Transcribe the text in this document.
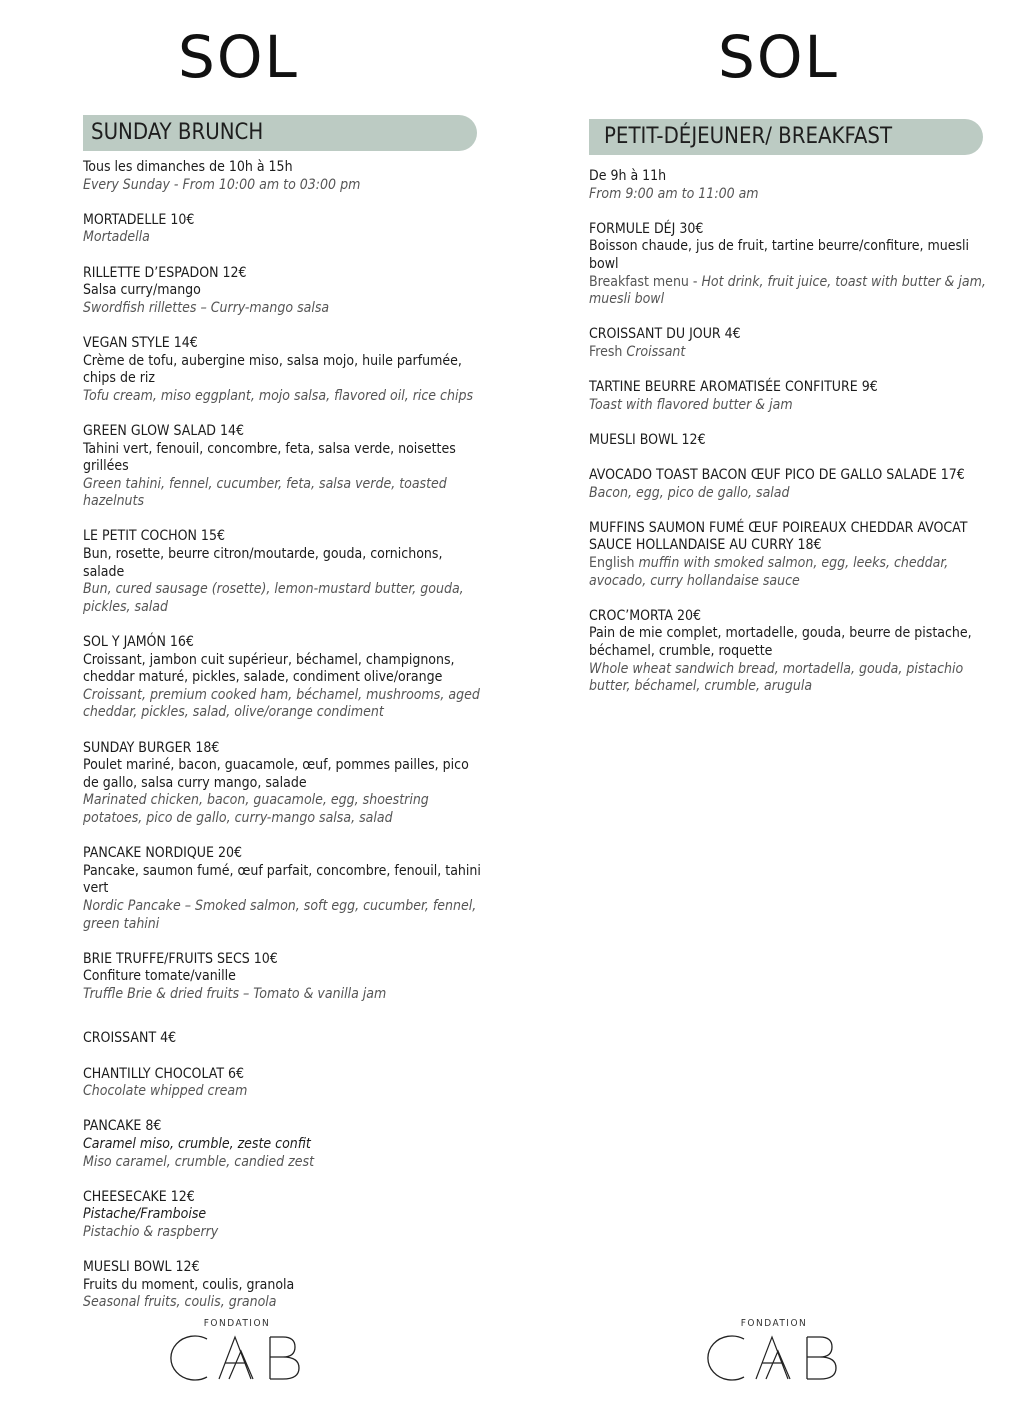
SOL
SUNDAY BRUNCH
Tous les dimanches de 10h à 15h
Every Sunday - From 10:00 am to 03:00 pm
MORTADELLE 10€
Mortadella
RILLETTE D’ESPADON 12€
Salsa curry/mango
Swordfish rillettes – Curry-mango salsa
VEGAN STYLE 14€
Crème de tofu, aubergine miso, salsa mojo, huile parfumée,
chips de riz
Tofu cream, miso eggplant, mojo salsa, flavored oil, rice chips
GREEN GLOW SALAD 14€
Tahini vert, fenouil, concombre, feta, salsa verde, noisettes
grillées
Green tahini, fennel, cucumber, feta, salsa verde, toasted
hazelnuts
LE PETIT COCHON 15€
Bun, rosette, beurre citron/moutarde, gouda, cornichons,
salade
Bun, cured sausage (rosette), lemon-mustard butter, gouda,
pickles, salad
SOL Y JAMÓN 16€
Croissant, jambon cuit supérieur, béchamel, champignons,
cheddar maturé, pickles, salade, condiment olive/orange
Croissant, premium cooked ham, béchamel, mushrooms, aged
cheddar, pickles, salad, olive/orange condiment
SUNDAY BURGER 18€
Poulet mariné, bacon, guacamole, œuf, pommes pailles, pico
de gallo, salsa curry mango, salade
Marinated chicken, bacon, guacamole, egg, shoestring
potatoes, pico de gallo, curry-mango salsa, salad
PANCAKE NORDIQUE 20€
Pancake, saumon fumé, œuf parfait, concombre, fenouil, tahini
vert
Nordic Pancake – Smoked salmon, soft egg, cucumber, fennel,
green tahini
BRIE TRUFFE/FRUITS SECS 10€
Confiture tomate/vanille
Truffle Brie & dried fruits – Tomato & vanilla jam
CROISSANT 4€
CHANTILLY CHOCOLAT 6€
Chocolate whipped cream
PANCAKE 8€
Caramel miso, crumble, zeste confit
Miso caramel, crumble, candied zest
CHEESECAKE 12€
Pistache/Framboise
Pistachio & raspberry
MUESLI BOWL 12€
Fruits du moment, coulis, granola
Seasonal fruits, coulis, granola
FONDATION
SOL
PETIT-DÉJEUNER/ BREAKFAST
De 9h à 11h
From 9:00 am to 11:00 am
FORMULE DÉJ 30€
Boisson chaude, jus de fruit, tartine beurre/confiture, muesli
bowl
Breakfast menu - Hot drink, fruit juice, toast with butter & jam,
muesli bowl
CROISSANT DU JOUR 4€
Fresh Croissant
TARTINE BEURRE AROMATISÉE CONFITURE 9€
Toast with flavored butter & jam
MUESLI BOWL 12€
AVOCADO TOAST BACON ŒUF PICO DE GALLO SALADE 17€
Bacon, egg, pico de gallo, salad
MUFFINS SAUMON FUMÉ ŒUF POIREAUX CHEDDAR AVOCAT
SAUCE HOLLANDAISE AU CURRY 18€
English muffin with smoked salmon, egg, leeks, cheddar,
avocado, curry hollandaise sauce
CROC’MORTA 20€
Pain de mie complet, mortadelle, gouda, beurre de pistache,
béchamel, crumble, roquette
Whole wheat sandwich bread, mortadella, gouda, pistachio
butter, béchamel, crumble, arugula
FONDATION
